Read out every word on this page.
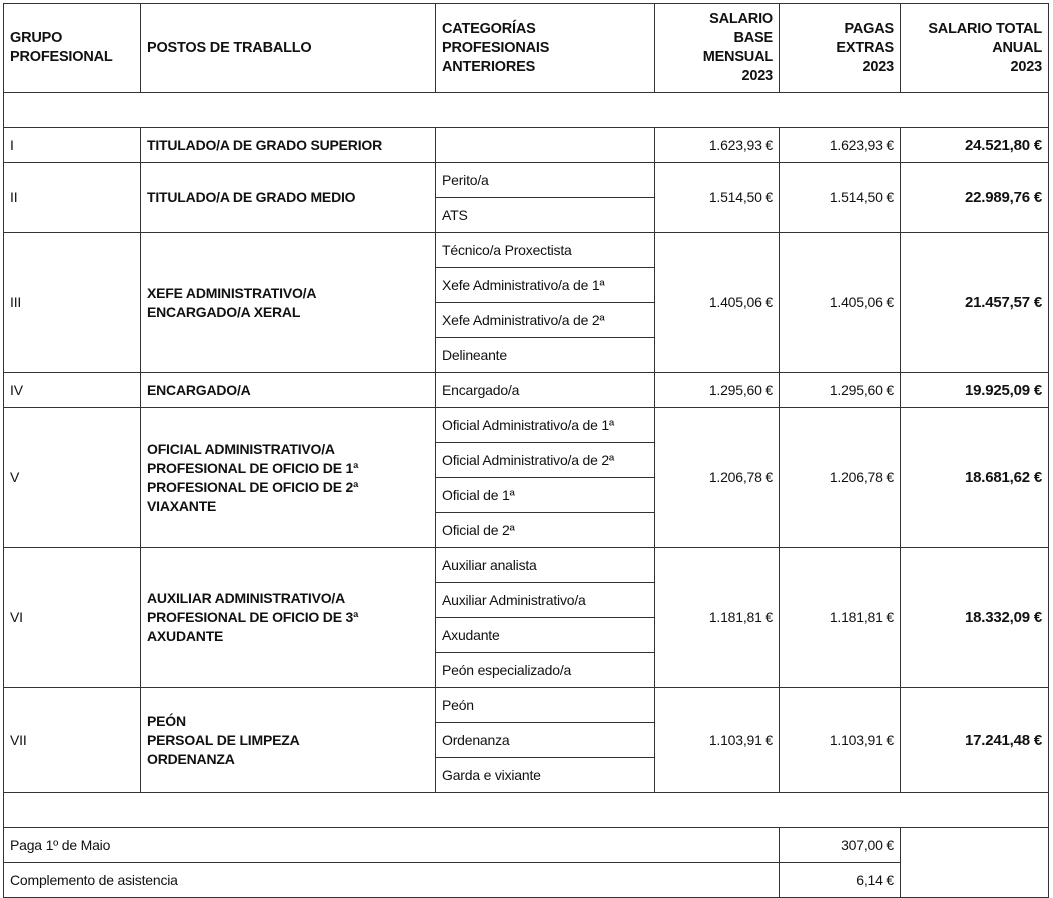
GRUPO
PROFESIONAL	POSTOS DE TRABALLO	CATEGORÍAS
PROFESIONAIS
ANTERIORES	SALARIO
BASE
MENSUAL
2023	PAGAS
EXTRAS
2023	SALARIO TOTAL
ANUAL
2023

I	TITULADO/A DE GRADO SUPERIOR		1.623,93 €	1.623,93 €	24.521,80 €
II	TITULADO/A DE GRADO MEDIO	Perito/a	1.514,50 €	1.514,50 €	22.989,76 €
		ATS			
III	XEFE ADMINISTRATIVO/A
ENCARGADO/A XERAL	Técnico/a Proxectista	1.405,06 €	1.405,06 €	21.457,57 €
		Xefe Administrativo/a de 1ª			
		Xefe Administrativo/a de 2ª			
		Delineante			
IV	ENCARGADO/A	Encargado/a	1.295,60 €	1.295,60 €	19.925,09 €
V	OFICIAL ADMINISTRATIVO/A
PROFESIONAL DE OFICIO DE 1ª
PROFESIONAL DE OFICIO DE 2ª
VIAXANTE	Oficial Administrativo/a de 1ª	1.206,78 €	1.206,78 €	18.681,62 €
		Oficial Administrativo/a de 2ª			
		Oficial de 1ª			
		Oficial de 2ª			
VI	AUXILIAR ADMINISTRATIVO/A
PROFESIONAL DE OFICIO DE 3ª
AXUDANTE	Auxiliar analista	1.181,81 €	1.181,81 €	18.332,09 €
		Auxiliar Administrativo/a			
		Axudante			
		Peón especializado/a			
VII	PEÓN
PERSOAL DE LIMPEZA
ORDENANZA	Peón	1.103,91 €	1.103,91 €	17.241,48 €
		Ordenanza			
		Garda e vixiante			

Paga 1º de Maio				307,00 €	
Complemento de asistencia				6,14 €	
